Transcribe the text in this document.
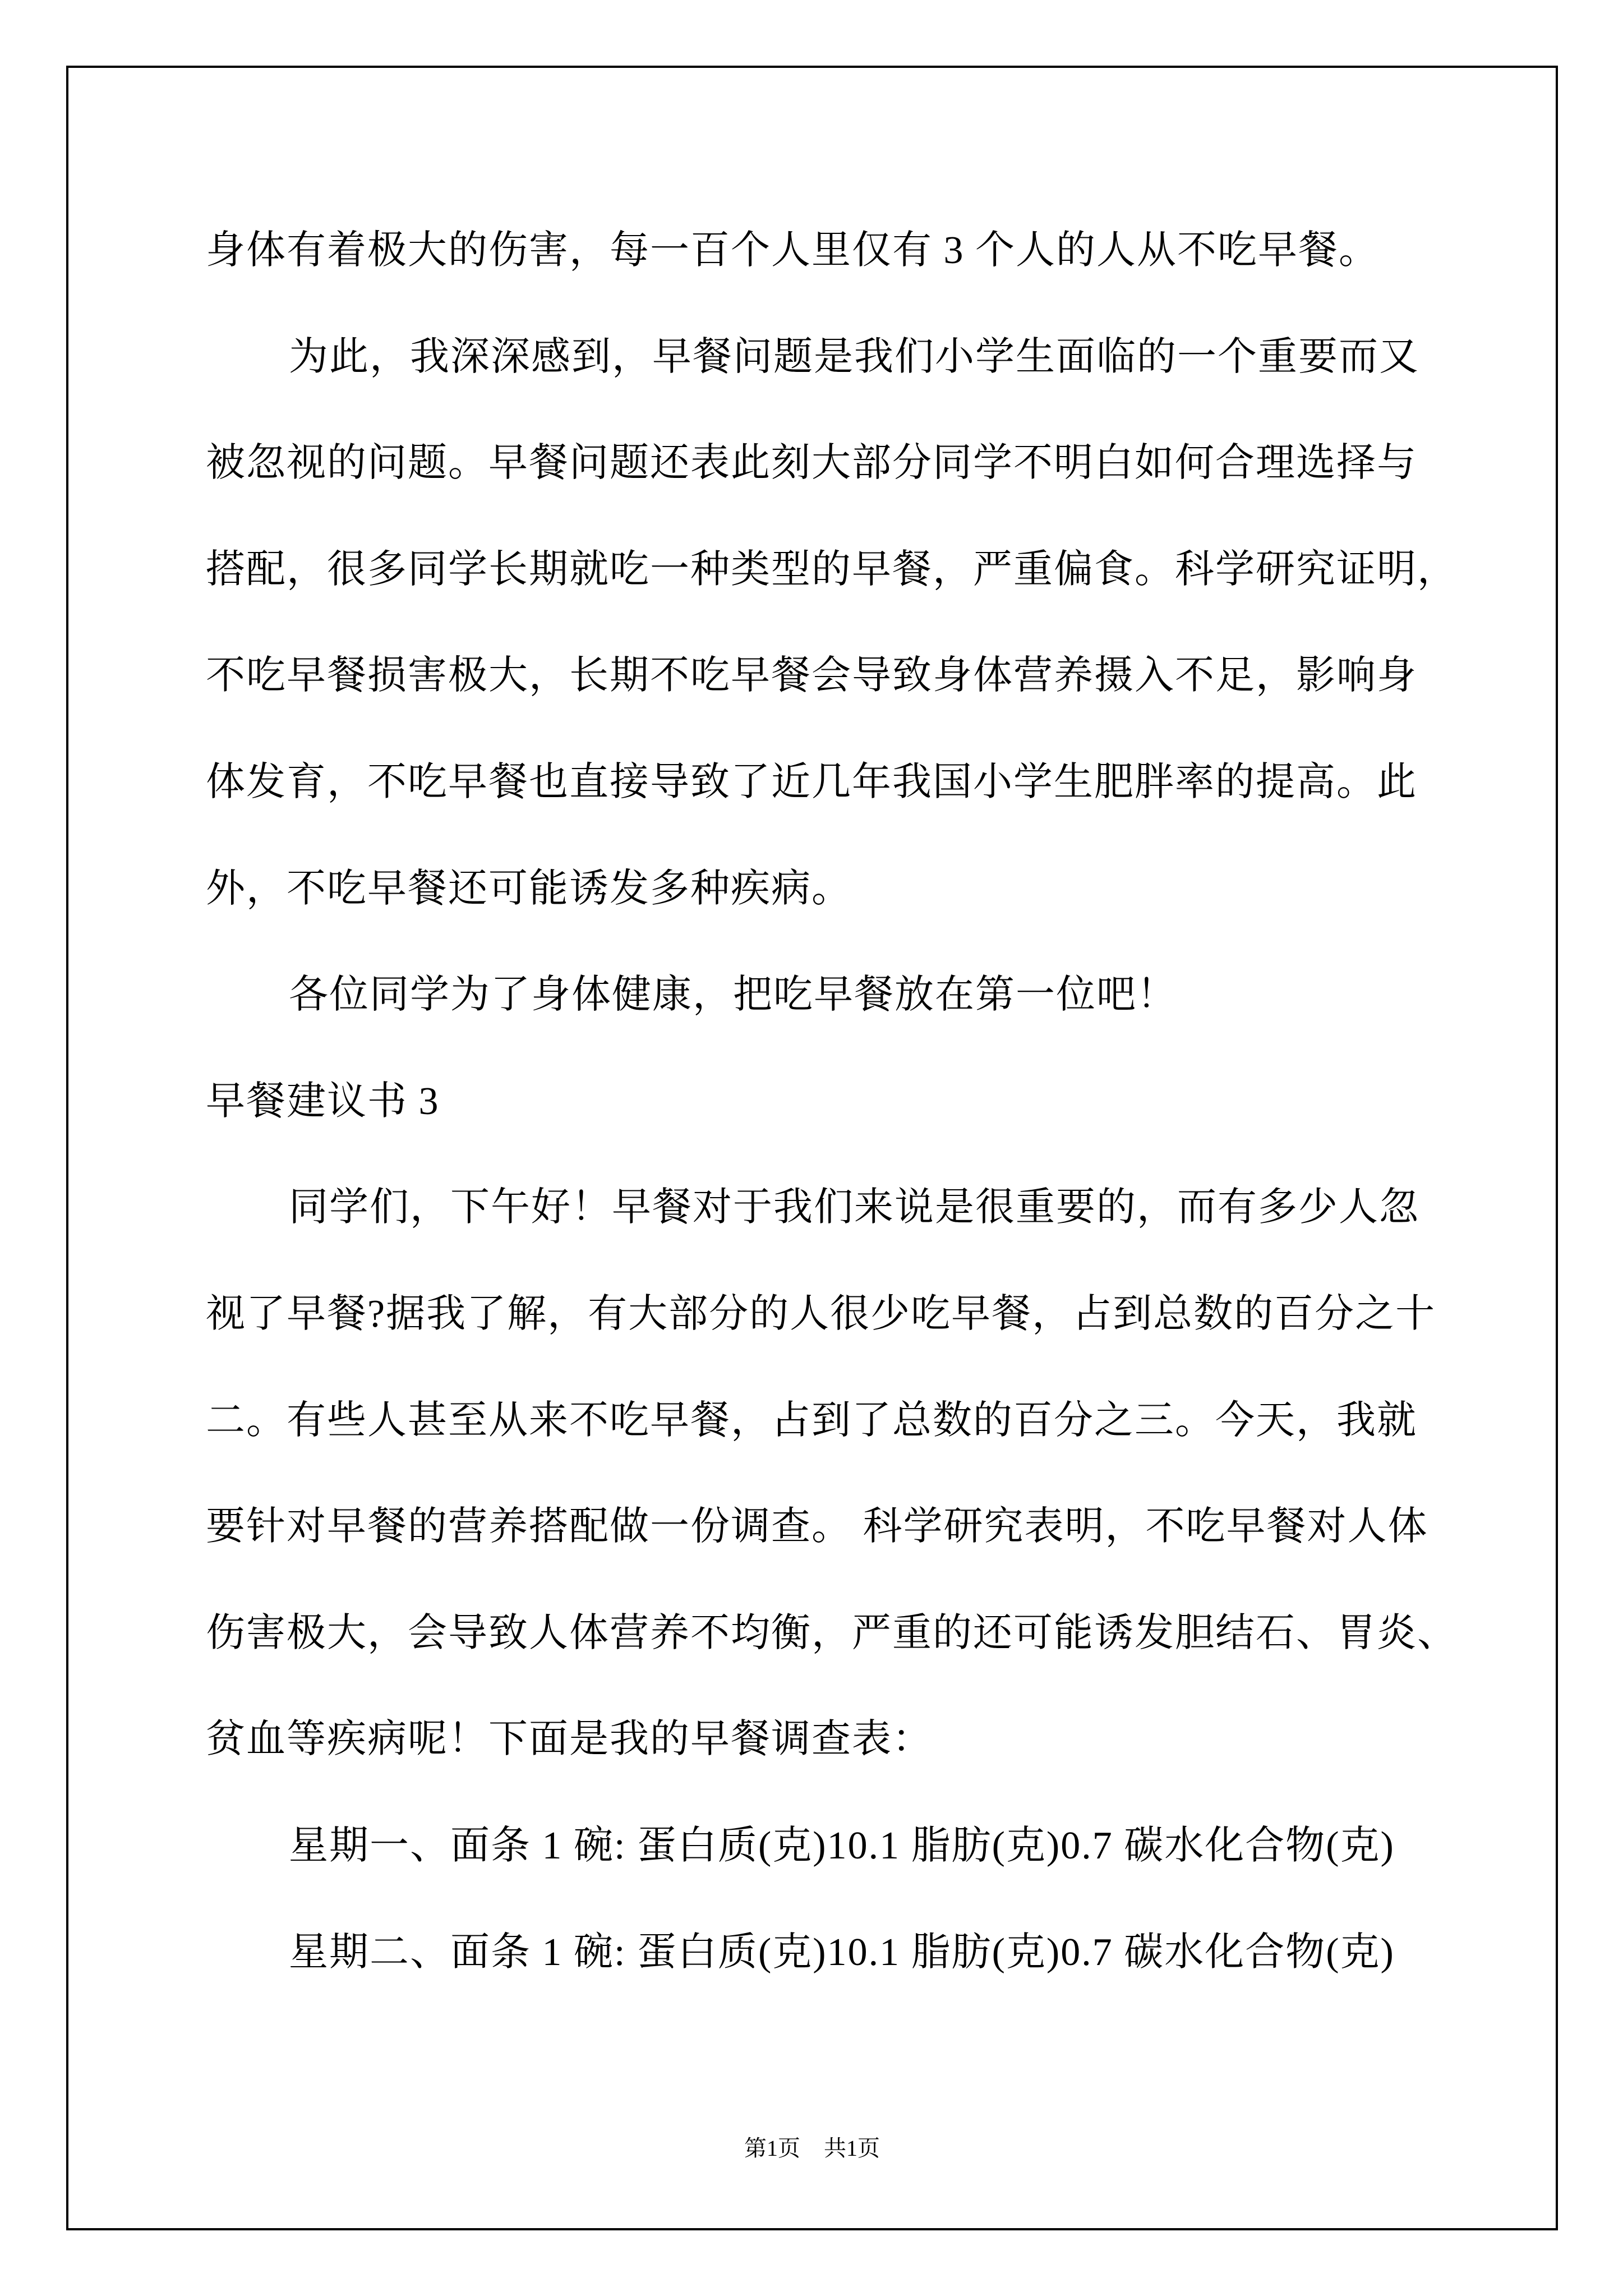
身体有着极大的伤害，每一百个人里仅有 3 个人的人从不吃早餐。
为此，我深深感到，早餐问题是我们小学生面临的一个重要而又
被忽视的问题。早餐问题还表此刻大部分同学不明白如何合理选择与
搭配，很多同学长期就吃一种类型的早餐，严重偏食。科学研究证明，
不吃早餐损害极大，长期不吃早餐会导致身体营养摄入不足，影响身
体发育，不吃早餐也直接导致了近几年我国小学生肥胖率的提高。此
外，不吃早餐还可能诱发多种疾病。
各位同学为了身体健康，把吃早餐放在第一位吧！
早餐建议书 3
同学们，下午好！早餐对于我们来说是很重要的，而有多少人忽
视了早餐?据我了解，有大部分的人很少吃早餐，占到总数的百分之十
二。有些人甚至从来不吃早餐，占到了总数的百分之三。今天，我就
要针对早餐的营养搭配做一份调查。 科学研究表明，不吃早餐对人体
伤害极大，会导致人体营养不均衡，严重的还可能诱发胆结石、胃炎、
贫血等疾病呢！下面是我的早餐调查表：
星期一、面条 1 碗: 蛋白质(克)10.1 脂肪(克)0.7 碳水化合物(克)
星期二、面条 1 碗: 蛋白质(克)10.1 脂肪(克)0.7 碳水化合物(克)
第1页 共1页
